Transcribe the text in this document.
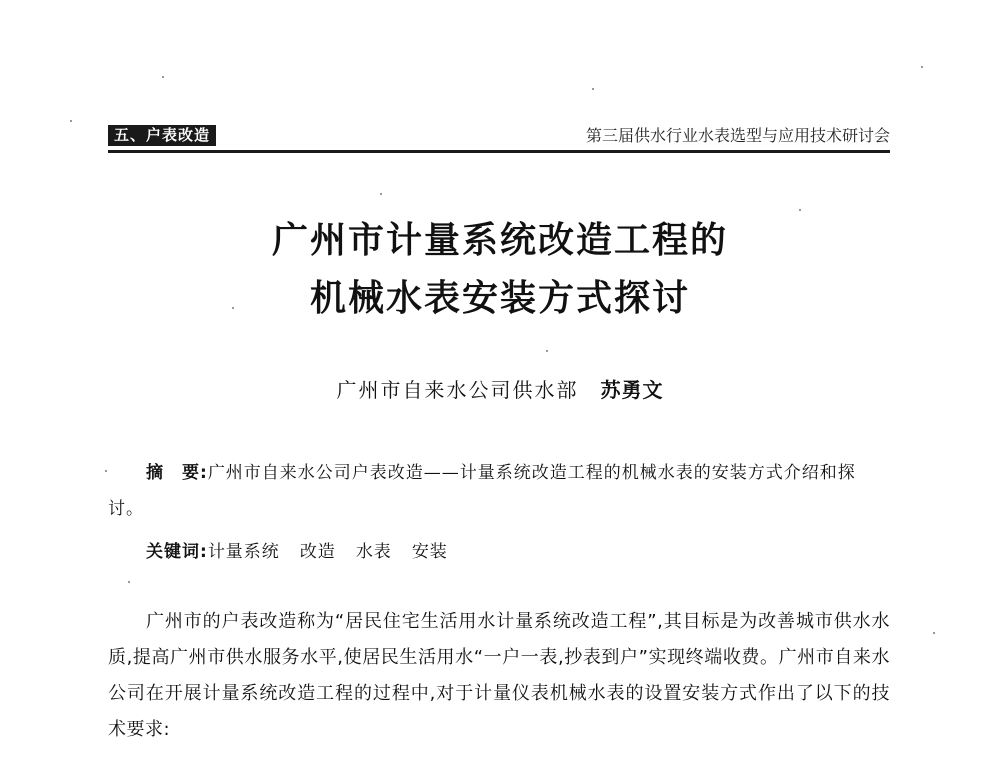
五、户表改造	第三届供水行业水表选型与应用技术研讨会
广州市计量系统改造工程的
机械水表安装方式探讨
广州市自来水公司供水部 苏勇文
摘　要:广州市自来水公司户表改造——计量系统改造工程的机械水表的安装方式介绍和探讨。
关键词:计量系统 改造 水表 安装
广州市的户表改造称为“居民住宅生活用水计量系统改造工程”,其目标是为改善城市供水水质,提高广州市供水服务水平,使居民生活用水“一户一表,抄表到户”实现终端收费。广州市自来水公司在开展计量系统改造工程的过程中,对于计量仪表机械水表的设置安装方式作出了以下的技术要求:
